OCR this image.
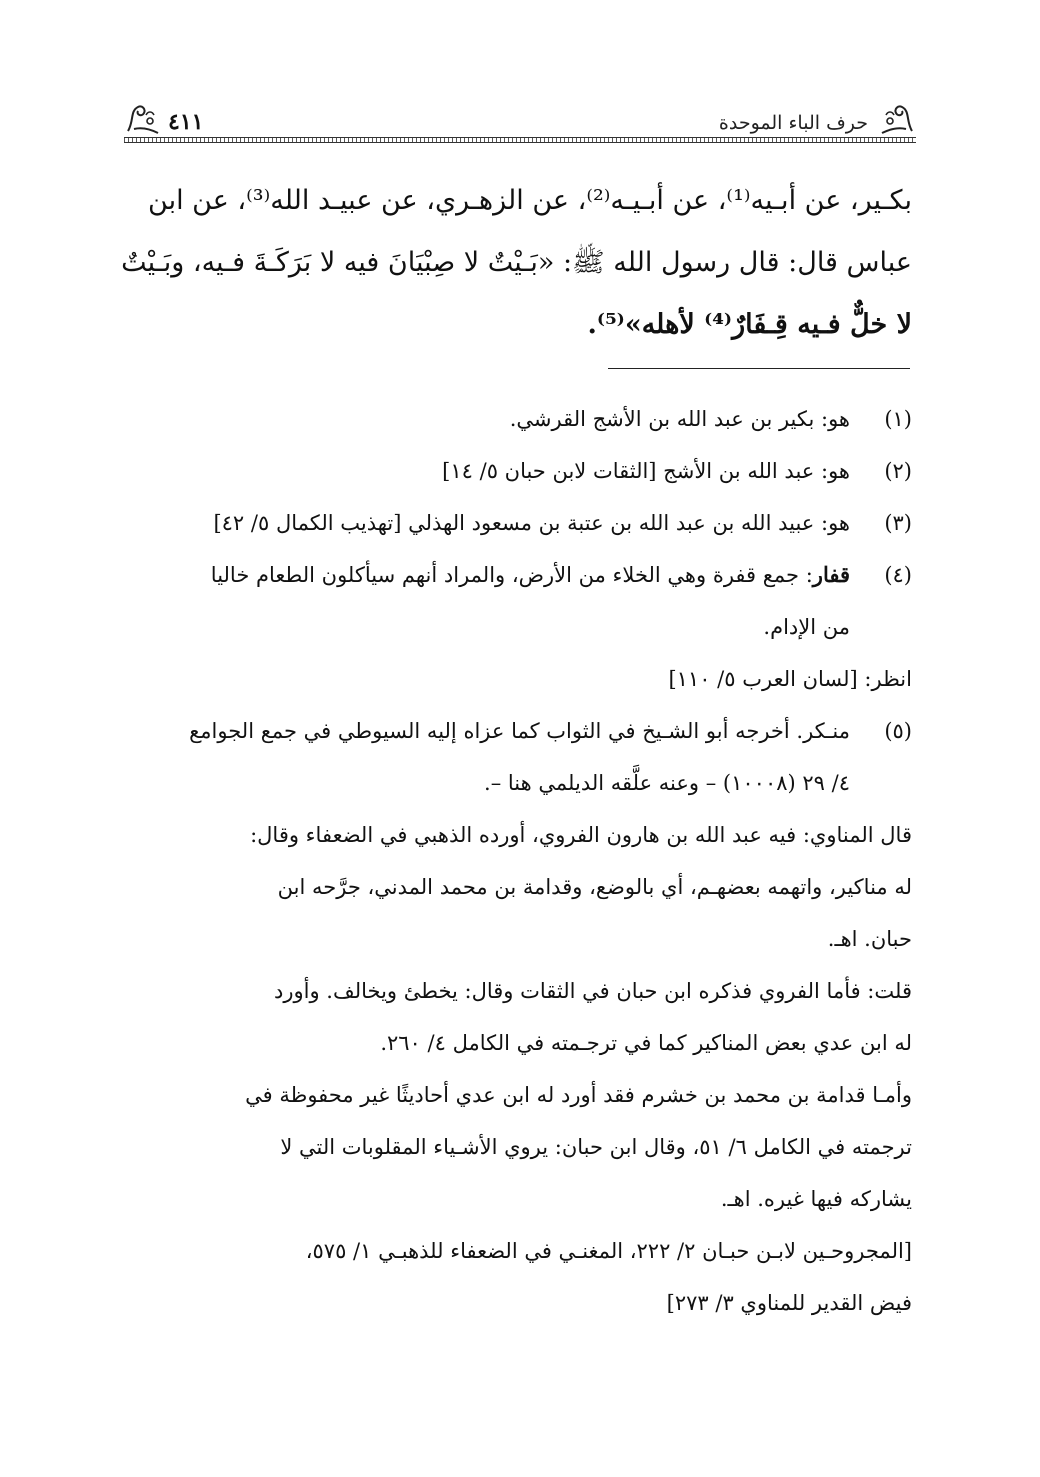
حرف الباء الموحدة
٤١١
بكـير، عن أبـيه⁽¹⁾، عن أبـيـه⁽²⁾، عن الزهـري، عن عبيـد الله⁽³⁾، عن ابن
عباس قال: قال رسول الله ﷺ: «بَـيْتٌ لا صِبْيَانَ فيه لا بَرَكَـةَ فـيه، وبَـيْتٌ
لا خلٌّ فـيه قِـفَارٌ⁽⁴⁾ لأهله»⁽⁵⁾.
(١)
هو: بكير بن عبد الله بن الأشج القرشي.
(٢)
هو: عبد الله بن الأشج [الثقات لابن حبان ٥/ ١٤]
(٣)
هو: عبيد الله بن عبد الله بن عتبة بن مسعود الهذلي [تهذيب الكمال ٥/ ٤٢]
(٤)
قفار: جمع قفرة وهي الخلاء من الأرض، والمراد أنهم سيأكلون الطعام خاليا
من الإدام.
انظر: [لسان العرب ٥/ ١١٠]
(٥)
منـكر. أخرجه أبو الشـيخ في الثواب كما عزاه إليه السيوطي في جمع الجوامع
٤/ ٢٩ (١٠٠٠٨) – وعنه علَّقه الديلمي هنا –.
قال المناوي: فيه عبد الله بن هارون الفروي، أورده الذهبي في الضعفاء وقال:
له مناكير، واتهمه بعضهـم، أي بالوضع، وقدامة بن محمد المدني، جرَّحه ابن
حبان. اهـ.
قلت: فأما الفروي فذكره ابن حبان في الثقات وقال: يخطئ ويخالف. وأورد
له ابن عدي بعض المناكير كما في ترجـمته في الكامل ٤/ ٢٦٠.
وأمـا قدامة بن محمد بن خشرم فقد أورد له ابن عدي أحاديثًا غير محفوظة في
ترجمته في الكامل ٦/ ٥١، وقال ابن حبان: يروي الأشـياء المقلوبات التي لا
يشاركه فيها غيره. اهـ.
[المجروحـين لابـن حبـان ٢/ ٢٢٢، المغنـي في الضعفاء للذهبـي ١/ ٥٧٥،
فيض القدير للمناوي ٣/ ٢٧٣]
